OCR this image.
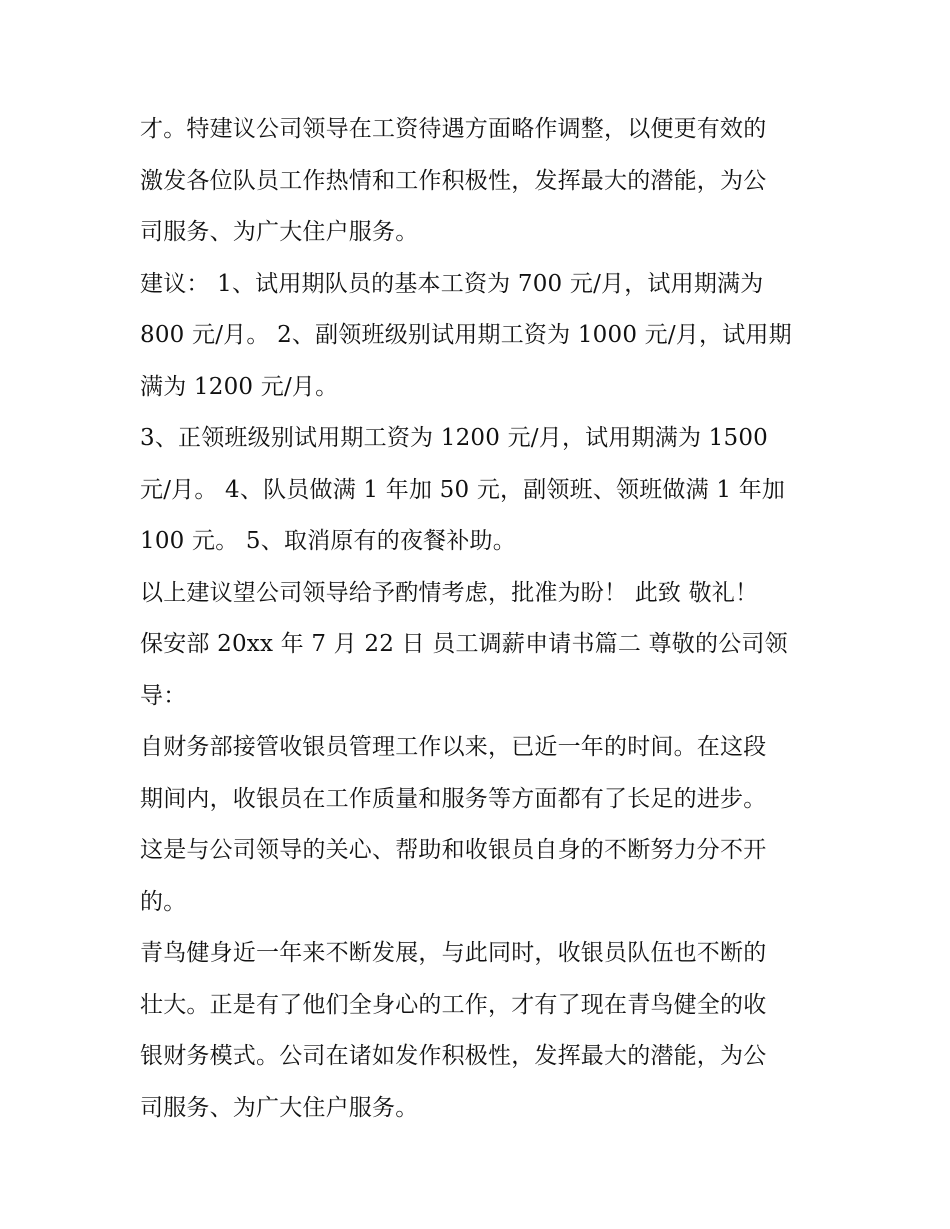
才。特建议公司领导在工资待遇方面略作调整，以便更有效的
激发各位队员工作热情和工作积极性，发挥最大的潜能，为公
司服务、为广大住户服务。
建议： 1、试用期队员的基本工资为 700 元/月，试用期满为
800 元/月。 2、副领班级别试用期工资为 1000 元/月，试用期
满为 1200 元/月。
3、正领班级别试用期工资为 1200 元/月，试用期满为 1500
元/月。 4、队员做满 1 年加 50 元，副领班、领班做满 1 年加
100 元。 5、取消原有的夜餐补助。
以上建议望公司领导给予酌情考虑，批准为盼！ 此致 敬礼！
保安部 20xx 年 7 月 22 日 员工调薪申请书篇二 尊敬的公司领
导：
自财务部接管收银员管理工作以来，已近一年的时间。在这段
期间内，收银员在工作质量和服务等方面都有了长足的进步。
这是与公司领导的关心、帮助和收银员自身的不断努力分不开
的。
青鸟健身近一年来不断发展，与此同时，收银员队伍也不断的
壮大。正是有了他们全身心的工作，才有了现在青鸟健全的收
银财务模式。公司在诸如发作积极性，发挥最大的潜能，为公
司服务、为广大住户服务。
